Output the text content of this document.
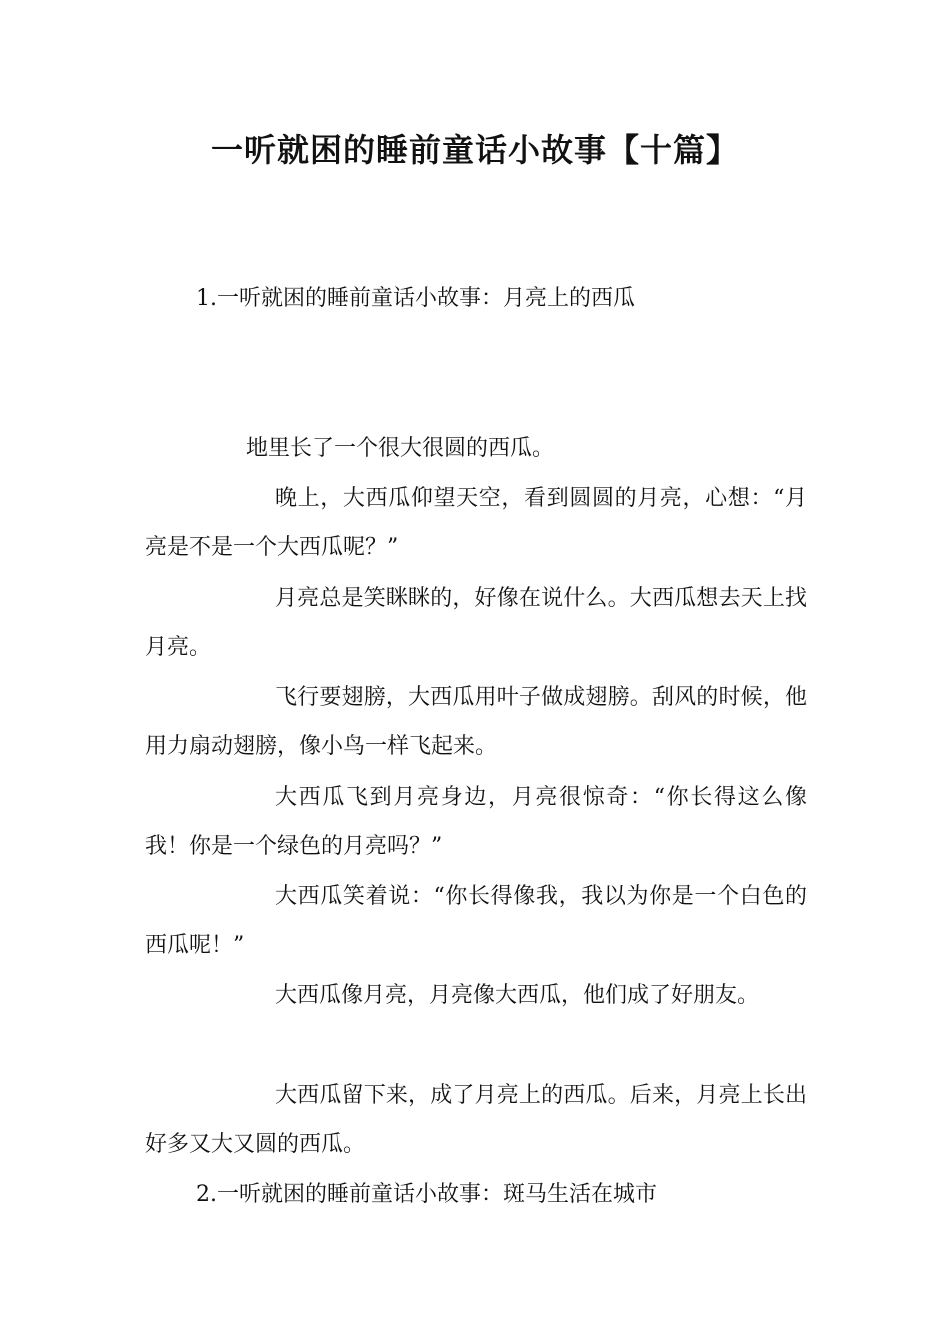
一听就困的睡前童话小故事【十篇】

1.一听就困的睡前童话小故事：月亮上的西瓜

地里长了一个很大很圆的西瓜。

晚上，大西瓜仰望天空，看到圆圆的月亮，心想：“月亮是不是一个大西瓜呢？”

月亮总是笑眯眯的，好像在说什么。大西瓜想去天上找月亮。

飞行要翅膀，大西瓜用叶子做成翅膀。刮风的时候，他用力扇动翅膀，像小鸟一样飞起来。

大西瓜飞到月亮身边，月亮很惊奇：“你长得这么像我！你是一个绿色的月亮吗？”

大西瓜笑着说：“你长得像我，我以为你是一个白色的西瓜呢！”

大西瓜像月亮，月亮像大西瓜，他们成了好朋友。

大西瓜留下来，成了月亮上的西瓜。后来，月亮上长出好多又大又圆的西瓜。

2.一听就困的睡前童话小故事：斑马生活在城市
